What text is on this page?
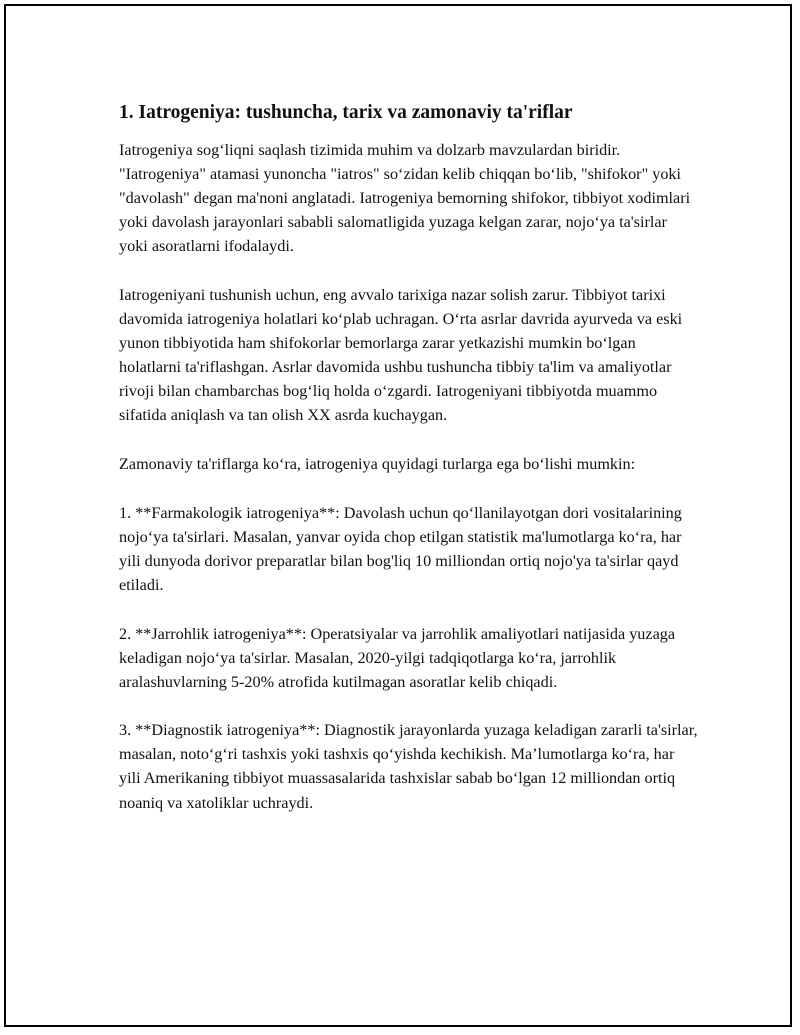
1. Iatrogeniya: tushuncha, tarix va zamonaviy ta'riflar

Iatrogeniya sog‘liqni saqlash tizimida muhim va dolzarb mavzulardan biridir. "Iatrogeniya" atamasi yunoncha "iatros" so‘zidan kelib chiqqan bo‘lib, "shifokor" yoki "davolash" degan ma'noni anglatadi. Iatrogeniya bemorning shifokor, tibbiyot xodimlari yoki davolash jarayonlari sababli salomatligida yuzaga kelgan zarar, nojo‘ya ta'sirlar yoki asoratlarni ifodalaydi.

Iatrogeniyani tushunish uchun, eng avvalo tarixiga nazar solish zarur. Tibbiyot tarixi davomida iatrogeniya holatlari ko‘plab uchragan. O‘rta asrlar davrida ayurveda va eski yunon tibbiyotida ham shifokorlar bemorlarga zarar yetkazishi mumkin bo‘lgan holatlarni ta'riflashgan. Asrlar davomida ushbu tushuncha tibbiy ta'lim va amaliyotlar rivoji bilan chambarchas bog‘liq holda o‘zgardi. Iatrogeniyani tibbiyotda muammo sifatida aniqlash va tan olish XX asrda kuchaygan.

Zamonaviy ta'riflarga ko‘ra, iatrogeniya quyidagi turlarga ega bo‘lishi mumkin:

1. **Farmakologik iatrogeniya**: Davolash uchun qo‘llanilayotgan dori vositalarining nojo‘ya ta'sirlari. Masalan, yanvar oyida chop etilgan statistik ma'lumotlarga ko‘ra, har yili dunyoda dorivor preparatlar bilan bog'liq 10 milliondan ortiq nojo'ya ta'sirlar qayd etiladi.

2. **Jarrohlik iatrogeniya**: Operatsiyalar va jarrohlik amaliyotlari natijasida yuzaga keladigan nojo‘ya ta'sirlar. Masalan, 2020-yilgi tadqiqotlarga ko‘ra, jarrohlik aralashuvlarning 5-20% atrofida kutilmagan asoratlar kelib chiqadi.

3. **Diagnostik iatrogeniya**: Diagnostik jarayonlarda yuzaga keladigan zararli ta'sirlar, masalan, noto‘g‘ri tashxis yoki tashxis qo‘yishda kechikish. Ma’lumotlarga ko‘ra, har yili Amerikaning tibbiyot muassasalarida tashxislar sabab bo‘lgan 12 milliondan ortiq noaniq va xatoliklar uchraydi.
